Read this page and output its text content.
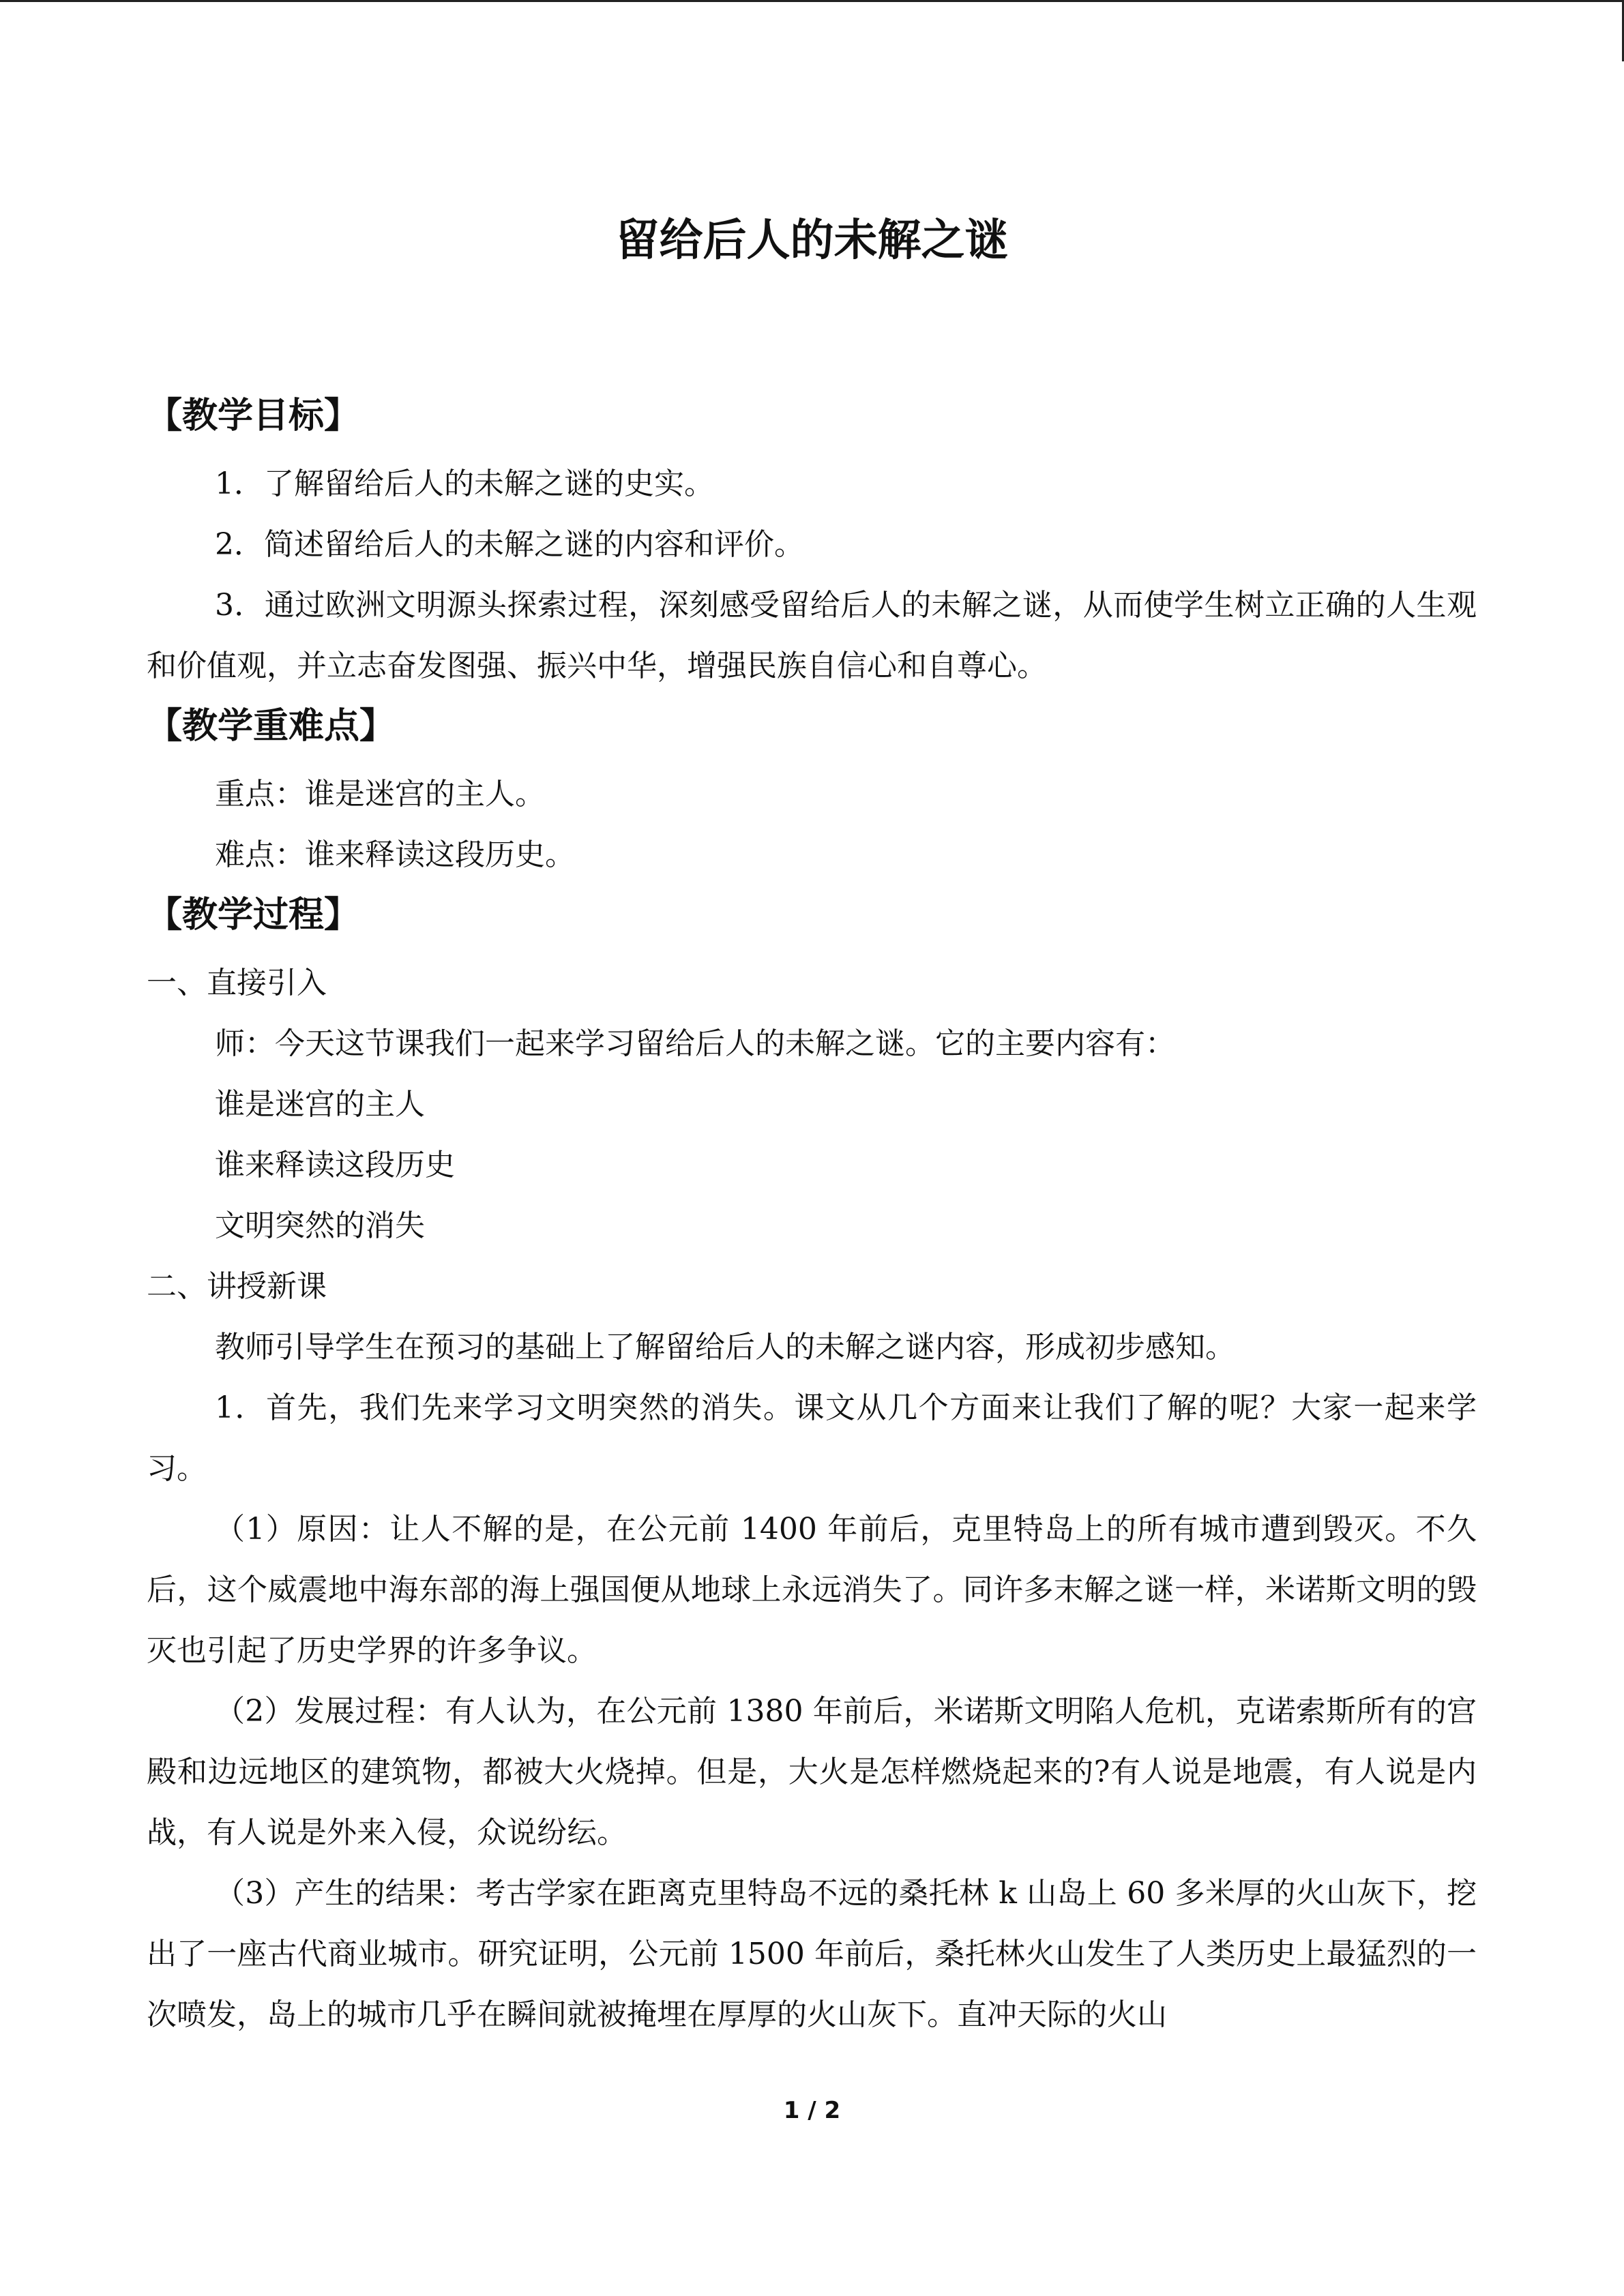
留给后人的未解之谜

【教学目标】

1．了解留给后人的未解之谜的史实。

2．简述留给后人的未解之谜的内容和评价。

3．通过欧洲文明源头探索过程，深刻感受留给后人的未解之谜，从而使学生树立正确的人生观和价值观，并立志奋发图强、振兴中华，增强民族自信心和自尊心。

【教学重难点】

重点：谁是迷宫的主人。

难点：谁来释读这段历史。

【教学过程】

一、直接引入

师：今天这节课我们一起来学习留给后人的未解之谜。它的主要内容有：

谁是迷宫的主人

谁来释读这段历史

文明突然的消失

二、讲授新课

教师引导学生在预习的基础上了解留给后人的未解之谜内容，形成初步感知。

1．首先，我们先来学习文明突然的消失。课文从几个方面来让我们了解的呢？大家一起来学习。

（1）原因：让人不解的是，在公元前 1400 年前后，克里特岛上的所有城市遭到毁灭。不久后，这个威震地中海东部的海上强国便从地球上永远消失了。同许多末解之谜一样，米诺斯文明的毁灭也引起了历史学界的许多争议。

（2）发展过程：有人认为，在公元前 1380 年前后，米诺斯文明陷人危机，克诺索斯所有的宫殿和边远地区的建筑物，都被大火烧掉。但是，大火是怎样燃烧起来的?有人说是地震，有人说是内战，有人说是外来入侵，众说纷纭。

（3）产生的结果：考古学家在距离克里特岛不远的桑托林 k 山岛上 60 多米厚的火山灰下，挖出了一座古代商业城市。研究证明，公元前 1500 年前后，桑托林火山发生了人类历史上最猛烈的一次喷发，岛上的城市几乎在瞬间就被掩埋在厚厚的火山灰下。直冲天际的火山

1 / 2
